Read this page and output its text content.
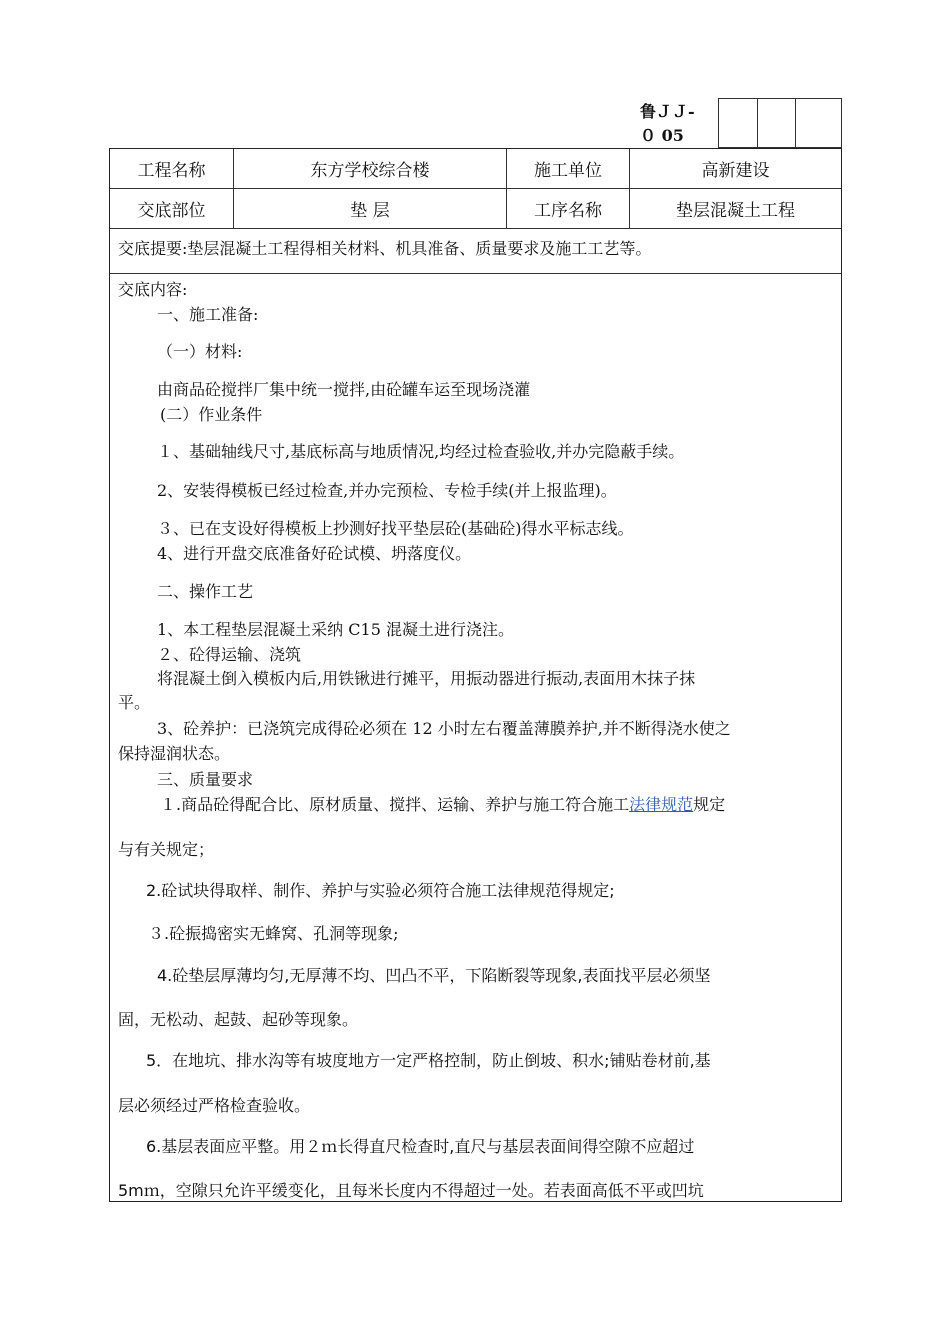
鲁ＪＪ-
０ 05
工程名称	东方学校综合楼	施工单位	高新建设
交底部位	垫 层	工序名称	垫层混凝土工程
交底提要:垫层混凝土工程得相关材料、机具准备、质量要求及施工工艺等。
交底内容:
一、施工准备:
（一）材料:
由商品砼搅拌厂集中统一搅拌,由砼罐车运至现场浇灌
(二）作业条件
１、基础轴线尺寸,基底标高与地质情况,均经过检查验收,并办完隐蔽手续。
2、安装得模板已经过检查,并办完预检、专检手续(并上报监理)。
３、已在支设好得模板上抄测好找平垫层砼(基础砼)得水平标志线。
4、进行开盘交底准备好砼试模、坍落度仪。
二、操作工艺
1、本工程垫层混凝土采纳 C15 混凝土进行浇注。
２、砼得运输、浇筑
将混凝土倒入模板内后,用铁锹进行摊平，用振动器进行振动,表面用木抹子抹
平。
3、砼养护：已浇筑完成得砼必须在 12 小时左右覆盖薄膜养护,并不断得浇水使之
保持湿润状态。
三、质量要求
１.商品砼得配合比、原材质量、搅拌、运输、养护与施工符合施工法律规范规定
与有关规定；
2.砼试块得取样、制作、养护与实验必须符合施工法律规范得规定;
３.砼振捣密实无蜂窝、孔洞等现象;
4.砼垫层厚薄均匀,无厚薄不均、凹凸不平，下陷断裂等现象,表面找平层必须坚
固，无松动、起鼓、起砂等现象。
5．在地坑、排水沟等有坡度地方一定严格控制，防止倒坡、积水;铺贴卷材前,基
层必须经过严格检查验收。
6.基层表面应平整。用２ｍ长得直尺检查时,直尺与基层表面间得空隙不应超过
5mｍ，空隙只允许平缓变化，且每米长度内不得超过一处。若表面高低不平或凹坑
